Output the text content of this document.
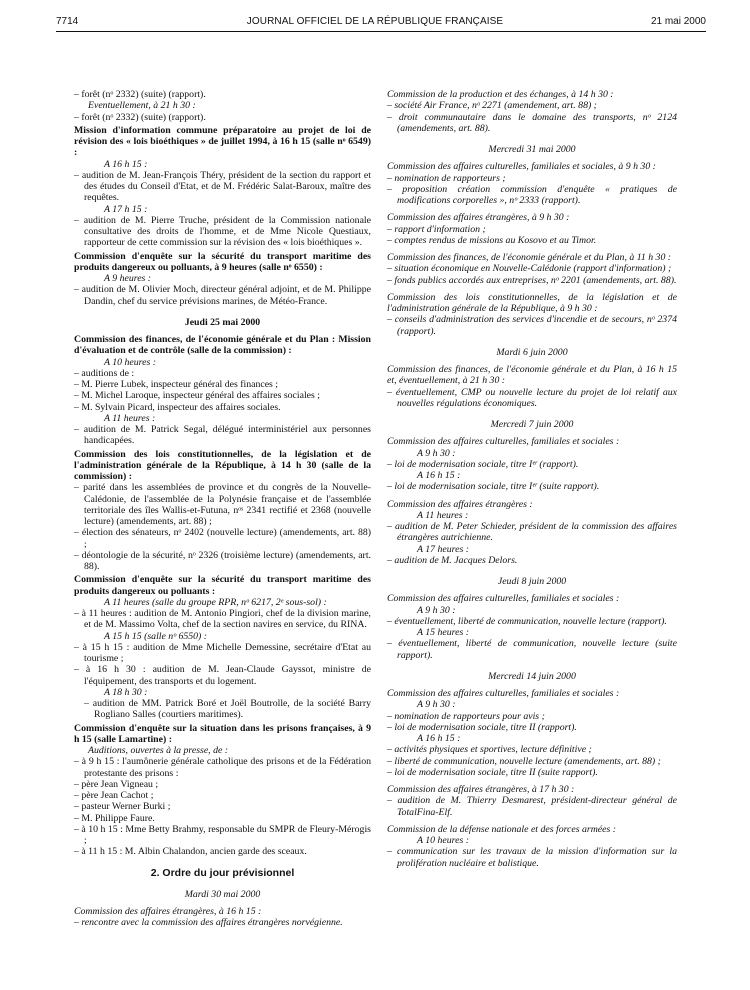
7714	JOURNAL OFFICIEL DE LA RÉPUBLIQUE FRANÇAISE	21 mai 2000

– forêt (nᵒ 2332) (suite) (rapport).

Eventuellement, à 21 h 30 :

– forêt (nᵒ 2332) (suite) (rapport).

Mission d'information commune préparatoire au projet de loi de révision des « lois bioéthiques » de juillet 1994, à 16 h 15 (salle nᵒ 6549) :

A 16 h 15 :

– audition de M. Jean-François Théry, président de la section du rapport et des études du Conseil d'Etat, et de M. Frédéric Salat-Baroux, maître des requêtes.

A 17 h 15 :

– audition de M. Pierre Truche, président de la Commission nationale consultative des droits de l'homme, et de Mme Nicole Questiaux, rapporteur de cette commission sur la révision des « lois bioéthiques ».

Commission d'enquête sur la sécurité du transport maritime des produits dangereux ou polluants, à 9 heures (salle nᵒ 6550) :

A 9 heures :

– audition de M. Olivier Moch, directeur général adjoint, et de M. Philippe Dandin, chef du service prévisions marines, de Météo-France.

Jeudi 25 mai 2000

Commission des finances, de l'économie générale et du Plan : Mission d'évaluation et de contrôle (salle de la commission) :

A 10 heures :

– auditions de :

– M. Pierre Lubek, inspecteur général des finances ;

– M. Michel Laroque, inspecteur général des affaires sociales ;

– M. Sylvain Picard, inspecteur des affaires sociales.

A 11 heures :

– audition de M. Patrick Segal, délégué interministériel aux personnes handicapées.

Commission des lois constitutionnelles, de la législation et de l'administration générale de la République, à 14 h 30 (salle de la commission) :

– parité dans les assemblées de province et du congrès de la Nouvelle-Calédonie, de l'assemblée de la Polynésie française et de l'assemblée territoriale des îles Wallis-et-Futuna, nᵒˢ 2341 rectifié et 2368 (nouvelle lecture) (amendements, art. 88) ;

– élection des sénateurs, nᵒ 2402 (nouvelle lecture) (amendements, art. 88) ;

– déontologie de la sécurité, nᵒ 2326 (troisième lecture) (amendements, art. 88).

Commission d'enquête sur la sécurité du transport maritime des produits dangereux ou polluants :

A 11 heures (salle du groupe RPR, nᵒ 6217, 2ᵉ sous-sol) :

– à 11 heures : audition de M. Antonio Pingiori, chef de la division marine, et de M. Massimo Volta, chef de la section navires en service, du RINA.

A 15 h 15 (salle nᵒ 6550) :

– à 15 h 15 : audition de Mme Michelle Demessine, secrétaire d'Etat au tourisme ;

– à 16 h 30 : audition de M. Jean-Claude Gayssot, ministre de l'équipement, des transports et du logement.

A 18 h 30 :

– audition de MM. Patrick Boré et Joël Boutrolle, de la société Barry Rogliano Salles (courtiers maritimes).

Commission d'enquête sur la situation dans les prisons françaises, à 9 h 15 (salle Lamartine) :

Auditions, ouvertes à la presse, de :

– à 9 h 15 : l'aumônerie générale catholique des prisons et de la Fédération protestante des prisons :

– père Jean Vigneau ;

– père Jean Cachot ;

– pasteur Werner Burki ;

– M. Philippe Faure.

– à 10 h 15 : Mme Betty Brahmy, responsable du SMPR de Fleury-Mérogis ;

– à 11 h 15 : M. Albin Chalandon, ancien garde des sceaux.

2. Ordre du jour prévisionnel

Mardi 30 mai 2000

Commission des affaires étrangères, à 16 h 15 :

– rencontre avec la commission des affaires étrangères norvégienne.

Commission de la production et des échanges, à 14 h 30 :

– société Air France, nᵒ 2271 (amendement, art. 88) ;

– droit communautaire dans le domaine des transports, nᵒ 2124 (amendements, art. 88).

Mercredi 31 mai 2000

Commission des affaires culturelles, familiales et sociales, à 9 h 30 :

– nomination de rapporteurs ;

– proposition création commission d'enquête « pratiques de modifications corporelles », nᵒ 2333 (rapport).

Commission des affaires étrangères, à 9 h 30 :

– rapport d'information ;

– comptes rendus de missions au Kosovo et au Timor.

Commission des finances, de l'économie générale et du Plan, à 11 h 30 :

– situation économique en Nouvelle-Calédonie (rapport d'information) ;

– fonds publics accordés aux entreprises, nᵒ 2201 (amendements, art. 88).

Commission des lois constitutionnelles, de la législation et de l'administration générale de la République, à 9 h 30 :

– conseils d'administration des services d'incendie et de secours, nᵒ 2374 (rapport).

Mardi 6 juin 2000

Commission des finances, de l'économie générale et du Plan, à 16 h 15 et, éventuellement, à 21 h 30 :

– éventuellement, CMP ou nouvelle lecture du projet de loi relatif aux nouvelles régulations économiques.

Mercredi 7 juin 2000

Commission des affaires culturelles, familiales et sociales :

A 9 h 30 :

– loi de modernisation sociale, titre Iᵉʳ (rapport).

A 16 h 15 :

– loi de modernisation sociale, titre Iᵉʳ (suite rapport).

Commission des affaires étrangères :

A 11 heures :

– audition de M. Peter Schieder, président de la commission des affaires étrangères autrichienne.

A 17 heures :

– audition de M. Jacques Delors.

Jeudi 8 juin 2000

Commission des affaires culturelles, familiales et sociales :

A 9 h 30 :

– éventuellement, liberté de communication, nouvelle lecture (rapport).

A 15 heures :

– éventuellement, liberté de communication, nouvelle lecture (suite rapport).

Mercredi 14 juin 2000

Commission des affaires culturelles, familiales et sociales :

A 9 h 30 :

– nomination de rapporteurs pour avis ;

– loi de modernisation sociale, titre II (rapport).

A 16 h 15 :

– activités physiques et sportives, lecture définitive ;

– liberté de communication, nouvelle lecture (amendements, art. 88) ;

– loi de modernisation sociale, titre II (suite rapport).

Commission des affaires étrangères, à 17 h 30 :

– audition de M. Thierry Desmarest, président-directeur général de TotalFina-Elf.

Commission de la défense nationale et des forces armées :

A 10 heures :

– communication sur les travaux de la mission d'information sur la prolifération nucléaire et balistique.
